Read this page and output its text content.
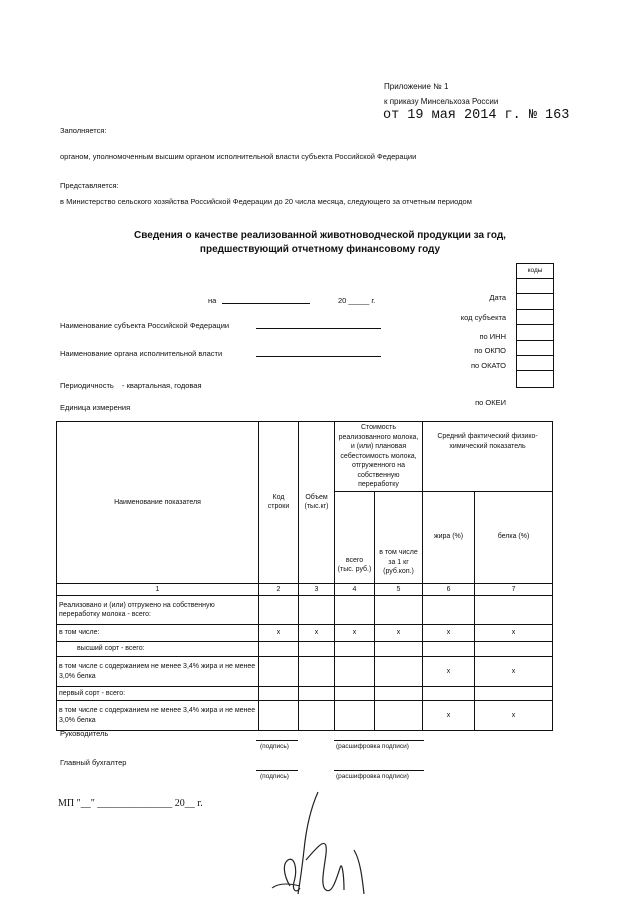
Приложение № 1
к приказу Минсельхоза России
от 19 мая 2014 г. № 163
Заполняется:
органом, уполномоченным высшим органом исполнительной власти субъекта Российской Федерации
Представляется:
в Министерство сельского хозяйства Российской Федерации до 20 числа месяца, следующего за отчетным периодом
Сведения о качестве реализованной животноводческой продукции за год,
предшествующий отчетному финансовому году
на	20 _____ г.
Наименование субъекта Российской Федерации
Наименование органа исполнительной власти
Периодичность - квартальная, годовая
Единица измерения
коды
Дата
код субъекта
по ИНН
по ОКПО
по ОКАТО
по ОКЕИ
Наименование показателя	Код строки	Объем (тыс.кг)	Стоимость реализованного молока, и (или) плановая себестоимость молока, отгруженного на собственную переработку		Средний фактический физико-химический показатель	
			всего (тыс. руб.)	в том числе за 1 кг (руб.коп.)	жира (%)	белка (%)
1	2	3	4	5	6	7
Реализовано и (или) отгружено на собственную переработку молока - всего:						
в том числе:	x	x	x	x	x	x
высший сорт - всего:						
в том числе с содержанием не менее 3,4% жира и не менее 3,0% белка					x	x
первый сорт - всего:						
в том числе с содержанием не менее 3,4% жира и не менее 3,0% белка					x	x
Руководитель
(подпись)	(расшифровка подписи)
Главный бухгалтер
(подпись)	(расшифровка подписи)
МП "__" _______________ 20__ г.
